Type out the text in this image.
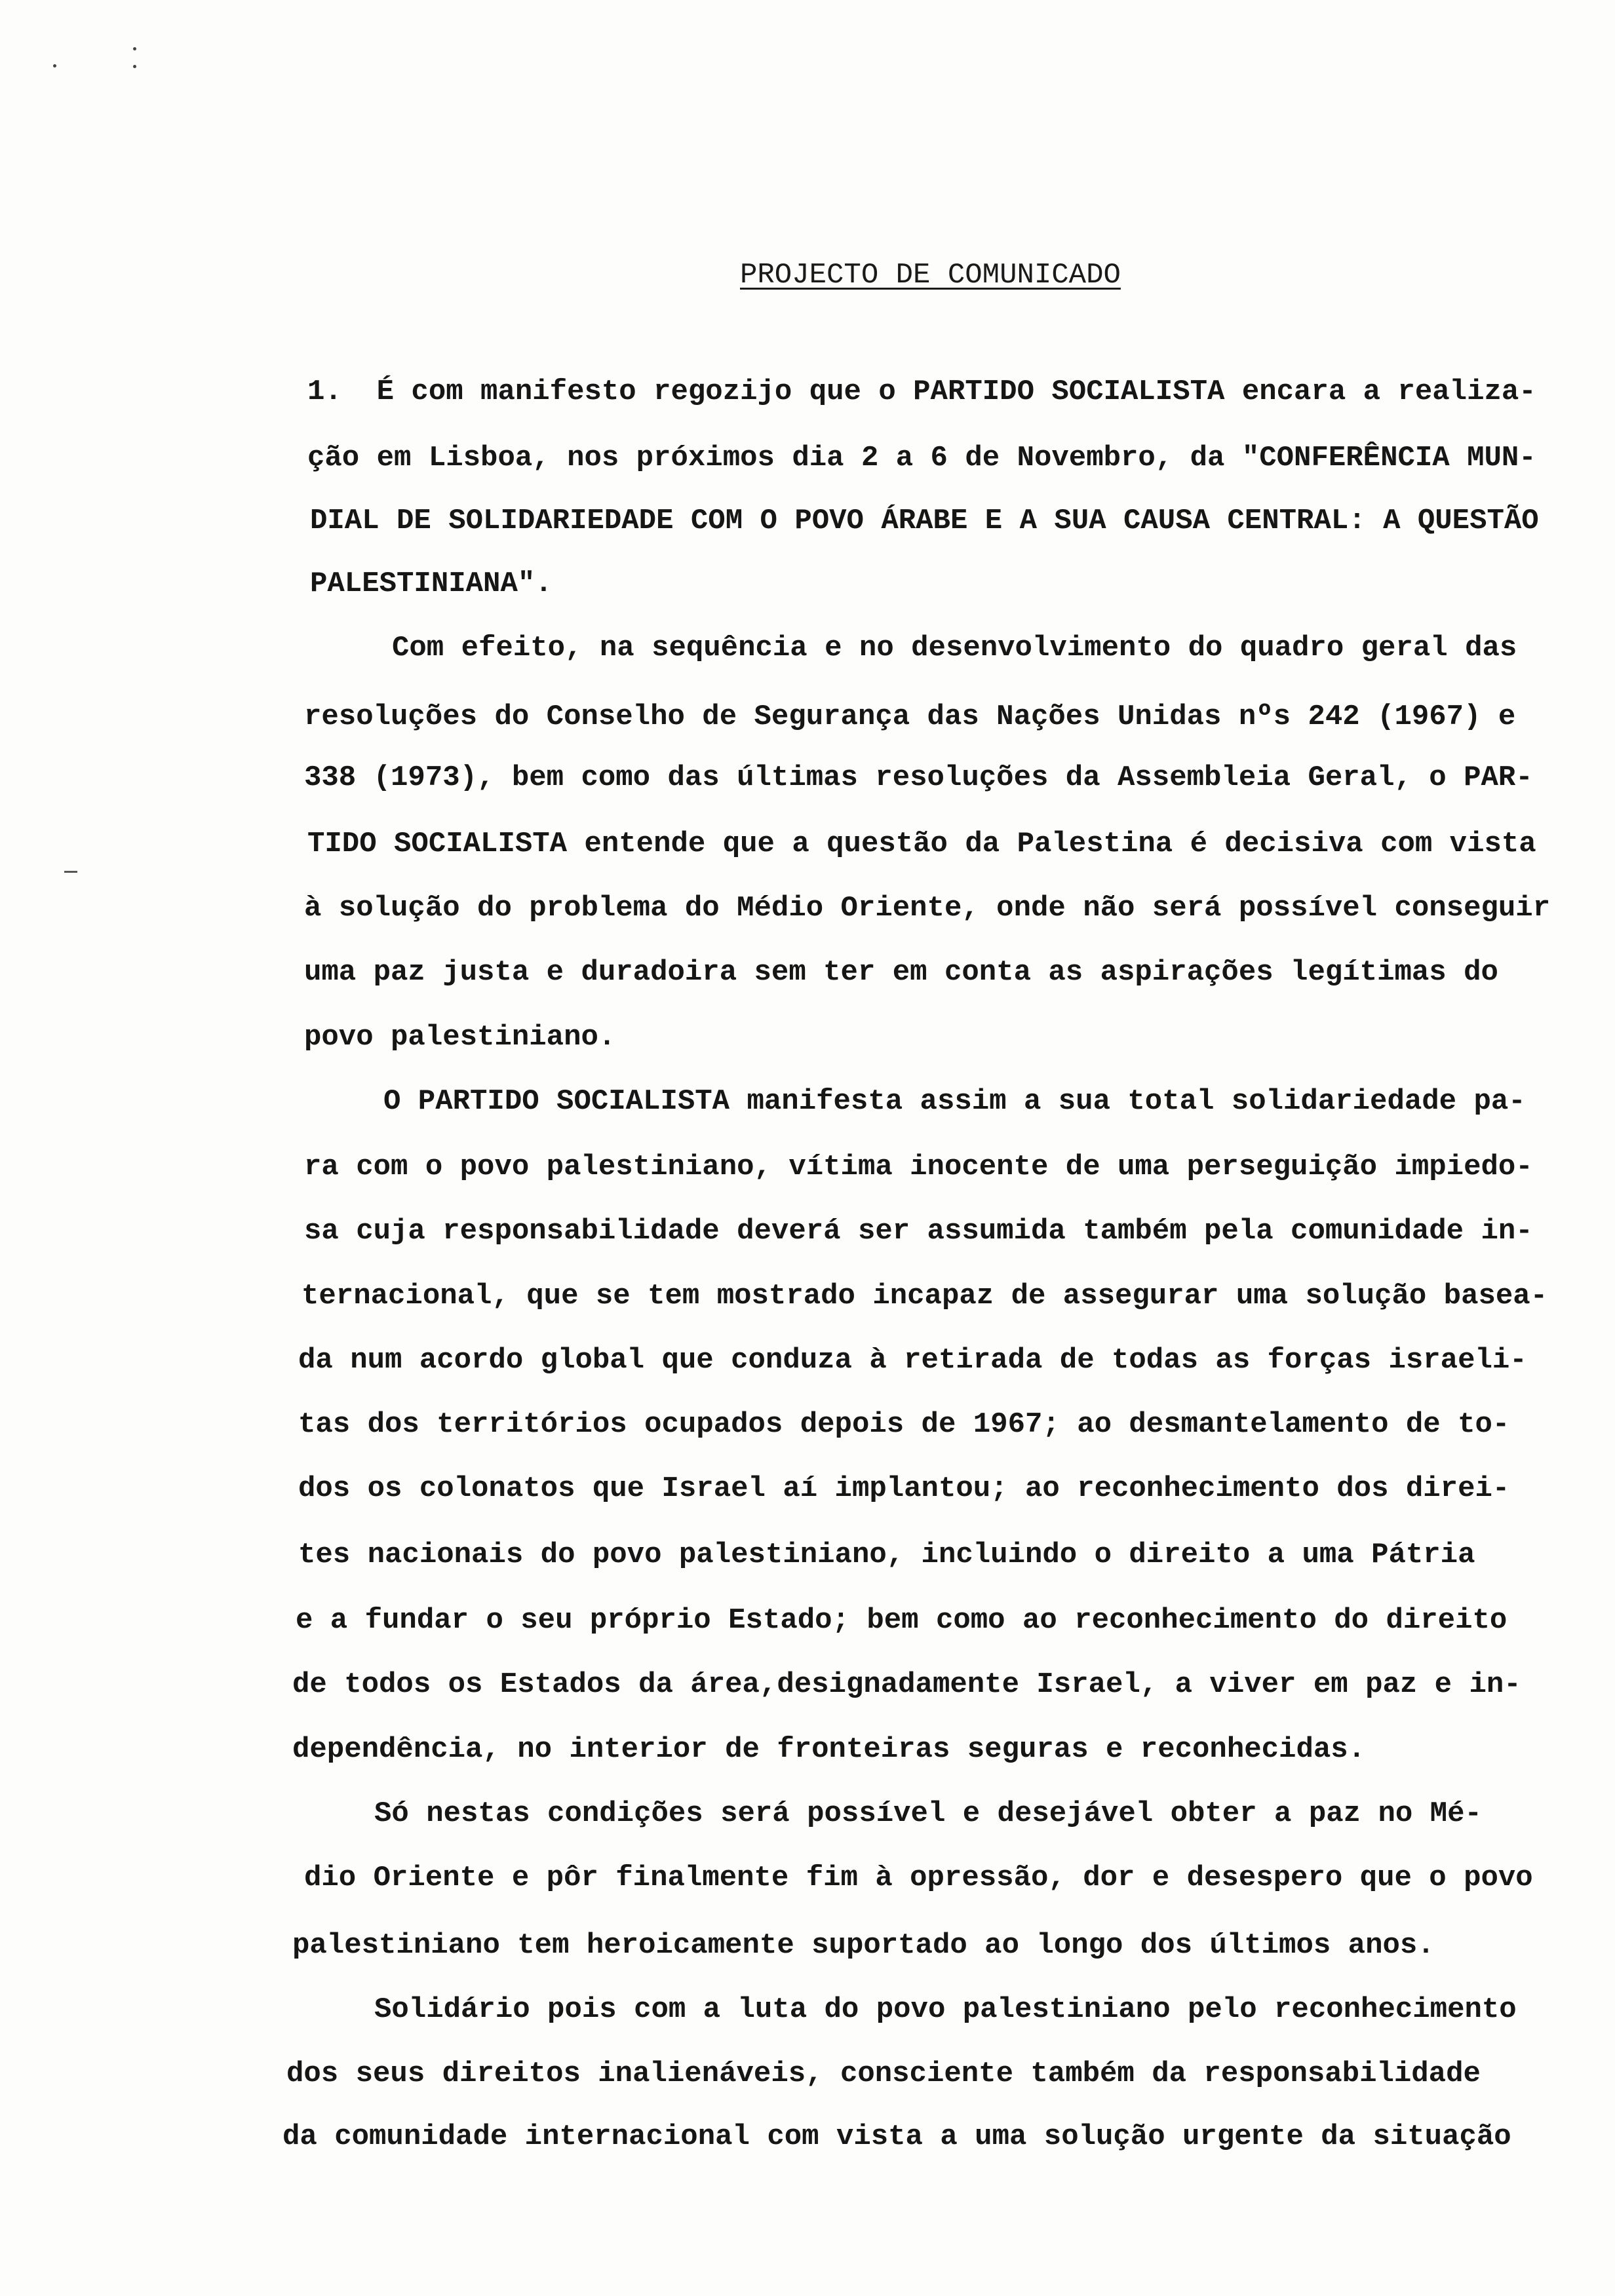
PROJECTO DE COMUNICADO
1.  É com manifesto regozijo que o PARTIDO SOCIALISTA encara a realiza-
ção em Lisboa, nos próximos dia 2 a 6 de Novembro, da "CONFERÊNCIA MUN-
DIAL DE SOLIDARIEDADE COM O POVO ÁRABE E A SUA CAUSA CENTRAL: A QUESTÃO
PALESTINIANA".
Com efeito, na sequência e no desenvolvimento do quadro geral das
resoluções do Conselho de Segurança das Nações Unidas nºs 242 (1967) e
338 (1973), bem como das últimas resoluções da Assembleia Geral, o PAR-
TIDO SOCIALISTA entende que a questão da Palestina é decisiva com vista
à solução do problema do Médio Oriente, onde não será possível conseguir
uma paz justa e duradoira sem ter em conta as aspirações legítimas do
povo palestiniano.
O PARTIDO SOCIALISTA manifesta assim a sua total solidariedade pa-
ra com o povo palestiniano, vítima inocente de uma perseguição impiedo-
sa cuja responsabilidade deverá ser assumida também pela comunidade in-
ternacional, que se tem mostrado incapaz de assegurar uma solução basea-
da num acordo global que conduza à retirada de todas as forças israeli-
tas dos territórios ocupados depois de 1967; ao desmantelamento de to-
dos os colonatos que Israel aí implantou; ao reconhecimento dos direi-
tes nacionais do povo palestiniano, incluindo o direito a uma Pátria
e a fundar o seu próprio Estado; bem como ao reconhecimento do direito
de todos os Estados da área,designadamente Israel, a viver em paz e in-
dependência, no interior de fronteiras seguras e reconhecidas.
Só nestas condições será possível e desejável obter a paz no Mé-
dio Oriente e pôr finalmente fim à opressão, dor e desespero que o povo
palestiniano tem heroicamente suportado ao longo dos últimos anos.
Solidário pois com a luta do povo palestiniano pelo reconhecimento
dos seus direitos inalienáveis, consciente também da responsabilidade
da comunidade internacional com vista a uma solução urgente da situação
